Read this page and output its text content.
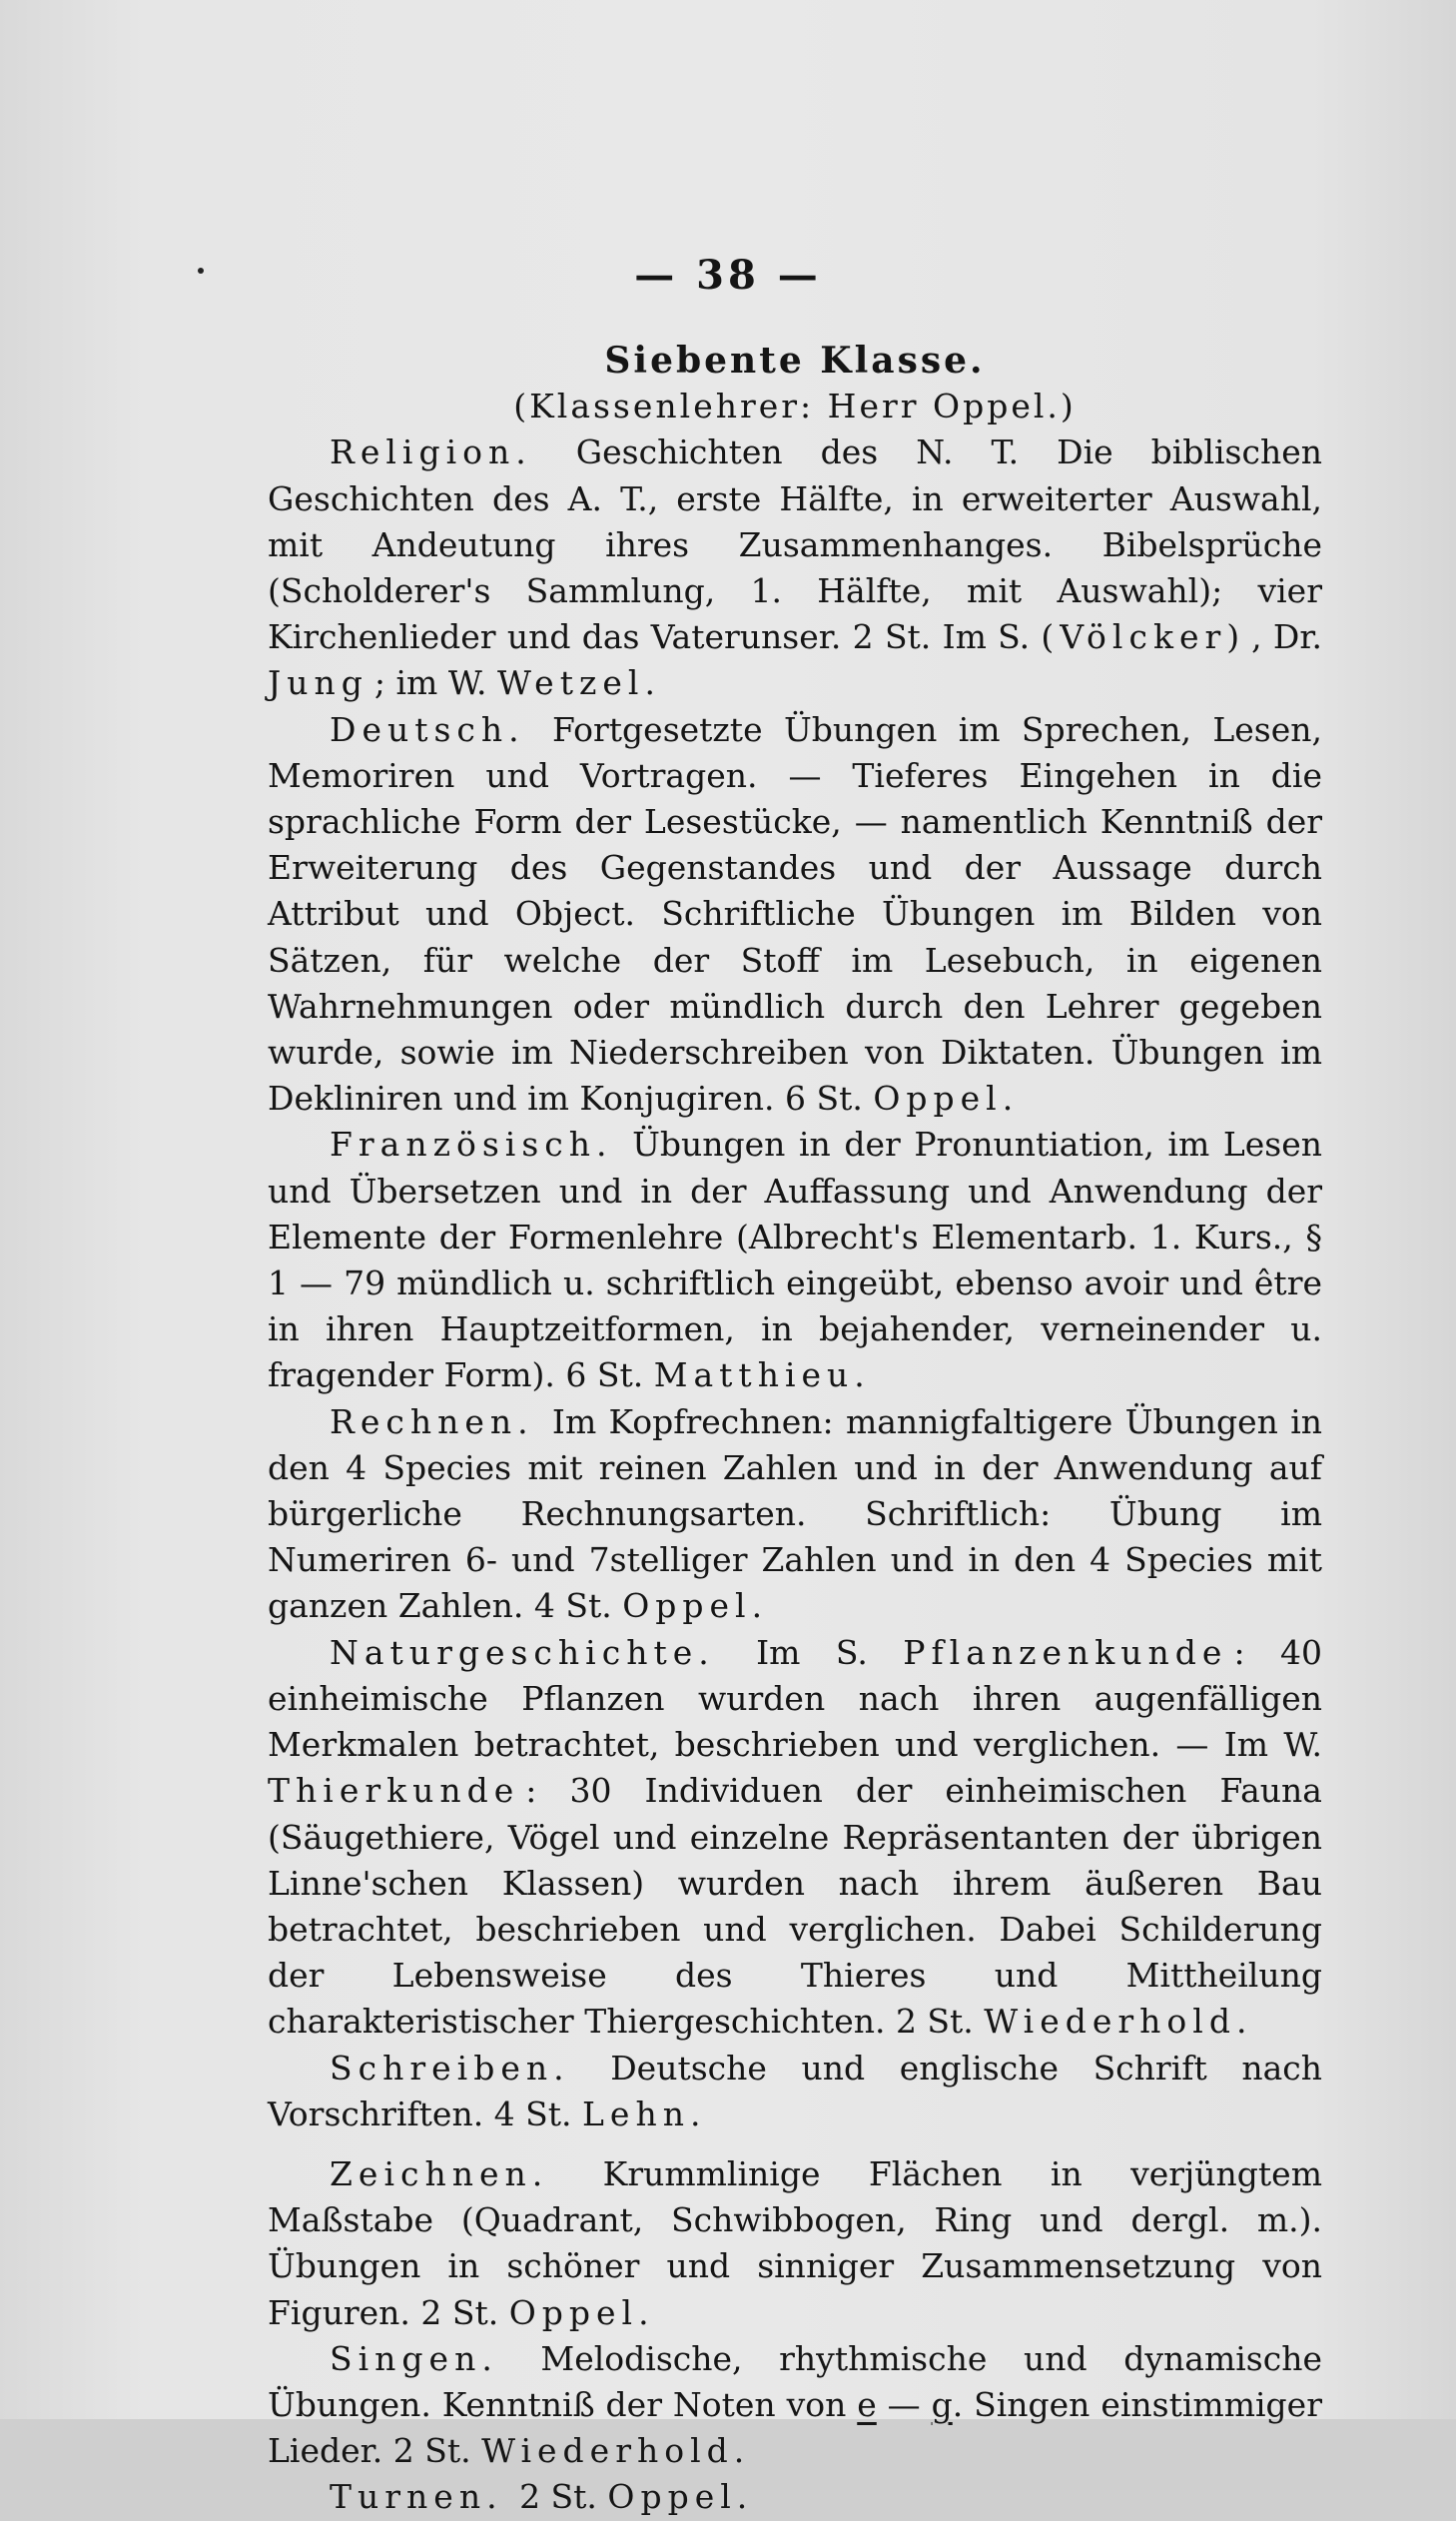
— 38 —

Siebente Klasse.

(Klassenlehrer: Herr Oppel.)

Religion. Geschichten des N. T. Die biblischen Geschichten des A. T., erste Hälfte, in erweiterter Auswahl, mit Andeutung ihres Zusammenhanges. Bibelsprüche (Scholderer's Sammlung, 1. Hälfte, mit Auswahl); vier Kirchenlieder und das Vaterunser. 2 St. Im S. (Völcker) , Dr. Jung ; im W. Wetzel.

Deutsch. Fortgesetzte Übungen im Sprechen, Lesen, Memoriren und Vortragen. — Tieferes Eingehen in die sprachliche Form der Lesestücke, — namentlich Kenntniß der Erweiterung des Gegenstandes und der Aussage durch Attribut und Object. Schriftliche Übungen im Bilden von Sätzen, für welche der Stoff im Lesebuch, in eigenen Wahrnehmungen oder mündlich durch den Lehrer gegeben wurde, sowie im Niederschreiben von Diktaten. Übungen im Dekliniren und im Konjugiren. 6 St. Oppel.

Französisch. Übungen in der Pronuntiation, im Lesen und Übersetzen und in der Auffassung und Anwendung der Elemente der Formenlehre (Albrecht's Elementarb. 1. Kurs., § 1 — 79 mündlich u. schriftlich eingeübt, ebenso avoir und être in ihren Hauptzeitformen, in bejahender, verneinender u. fragender Form). 6 St. Matthieu.

Rechnen. Im Kopfrechnen: mannigfaltigere Übungen in den 4 Species mit reinen Zahlen und in der Anwendung auf bürgerliche Rechnungsarten. Schriftlich: Übung im Numeriren 6- und 7stelliger Zahlen und in den 4 Species mit ganzen Zahlen. 4 St. Oppel.

Naturgeschichte. Im S. Pflanzenkunde : 40 einheimische Pflanzen wurden nach ihren augenfälligen Merkmalen betrachtet, beschrieben und verglichen. — Im W. Thierkunde : 30 Individuen der einheimischen Fauna (Säugethiere, Vögel und einzelne Repräsentanten der übrigen Linne'schen Klassen) wurden nach ihrem äußeren Bau betrachtet, beschrieben und verglichen. Dabei Schilderung der Lebensweise des Thieres und Mittheilung charakteristischer Thiergeschichten. 2 St. Wiederhold.

Schreiben. Deutsche und englische Schrift nach Vorschriften. 4 St. Lehn.

Zeichnen. Krummlinige Flächen in verjüngtem Maßstabe (Quadrant, Schwibbogen, Ring und dergl. m.). Übungen in schöner und sinniger Zusammensetzung von Figuren. 2 St. Oppel.

Singen. Melodische, rhythmische und dynamische Übungen. Kenntniß der Noten von e — g. Singen einstimmiger Lieder. 2 St. Wiederhold.

Turnen. 2 St. Oppel.
